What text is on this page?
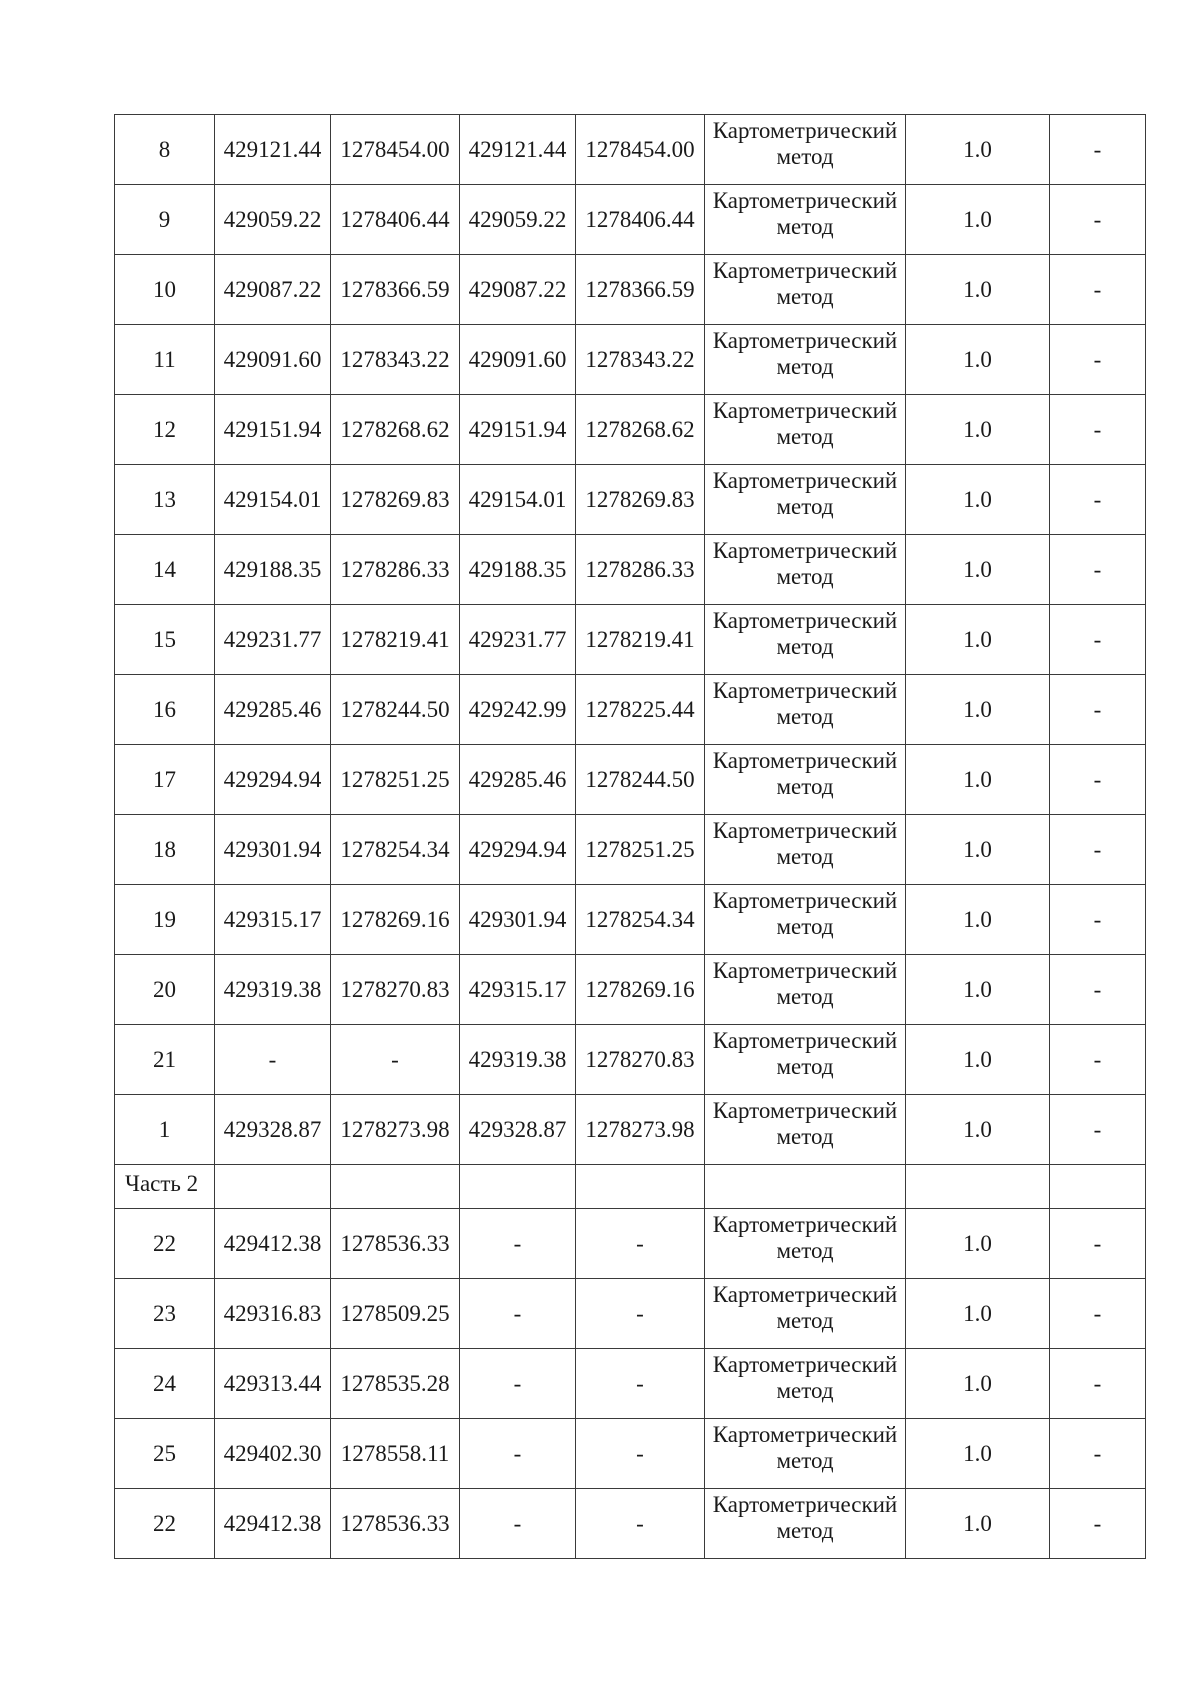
8	429121.44	1278454.00	429121.44	1278454.00	Картометрический метод	1.0	-
9	429059.22	1278406.44	429059.22	1278406.44	Картометрический метод	1.0	-
10	429087.22	1278366.59	429087.22	1278366.59	Картометрический метод	1.0	-
11	429091.60	1278343.22	429091.60	1278343.22	Картометрический метод	1.0	-
12	429151.94	1278268.62	429151.94	1278268.62	Картометрический метод	1.0	-
13	429154.01	1278269.83	429154.01	1278269.83	Картометрический метод	1.0	-
14	429188.35	1278286.33	429188.35	1278286.33	Картометрический метод	1.0	-
15	429231.77	1278219.41	429231.77	1278219.41	Картометрический метод	1.0	-
16	429285.46	1278244.50	429242.99	1278225.44	Картометрический метод	1.0	-
17	429294.94	1278251.25	429285.46	1278244.50	Картометрический метод	1.0	-
18	429301.94	1278254.34	429294.94	1278251.25	Картометрический метод	1.0	-
19	429315.17	1278269.16	429301.94	1278254.34	Картометрический метод	1.0	-
20	429319.38	1278270.83	429315.17	1278269.16	Картометрический метод	1.0	-
21	-	-	429319.38	1278270.83	Картометрический метод	1.0	-
1	429328.87	1278273.98	429328.87	1278273.98	Картометрический метод	1.0	-
Часть 2							
22	429412.38	1278536.33	-	-	Картометрический метод	1.0	-
23	429316.83	1278509.25	-	-	Картометрический метод	1.0	-
24	429313.44	1278535.28	-	-	Картометрический метод	1.0	-
25	429402.30	1278558.11	-	-	Картометрический метод	1.0	-
22	429412.38	1278536.33	-	-	Картометрический метод	1.0	-
